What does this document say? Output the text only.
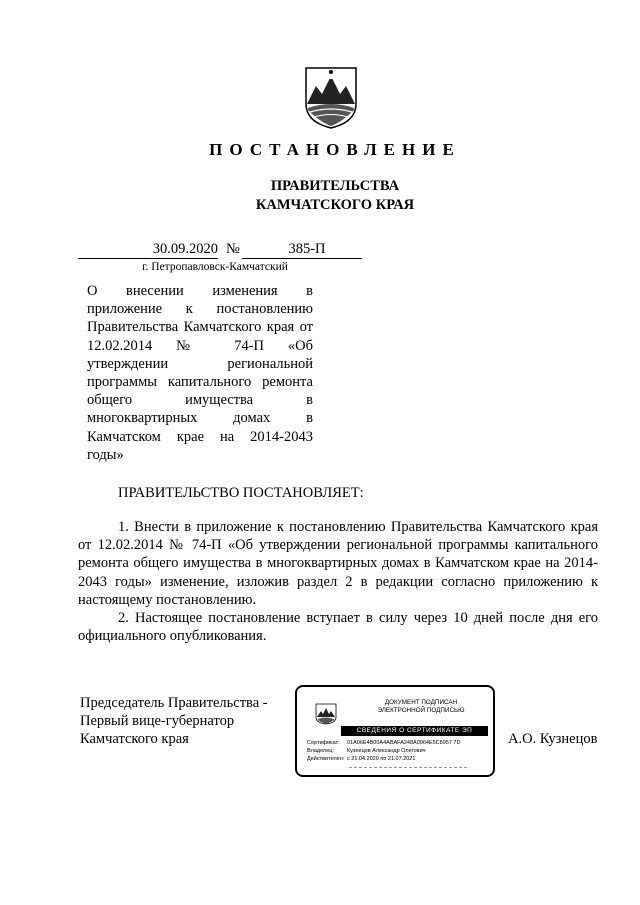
ПОСТАНОВЛЕНИЕ
ПРАВИТЕЛЬСТВА
КАМЧАТСКОГО КРАЯ
30.09.2020 №	385-П
г. Петропавловск-Камчатский
О внесении изменения в приложение к постановлению Правительства Камчатского края от 12.02.2014 № 74-П «Об утверждении региональной программы капитального ремонта общего имущества в многоквартирных домах в Камчатском крае на 2014-2043 годы»
ПРАВИТЕЛЬСТВО ПОСТАНОВЛЯЕТ:

1. Внести в приложение к постановлению Правительства Камчатского края от 12.02.2014 № 74-П «Об утверждении региональной программы капитального ремонта общего имущества в многоквартирных домах в Камчатском крае на 2014-2043 годы» изменение, изложив раздел 2 в редакции согласно приложению к настоящему постановлению.

2. Настоящее постановление вступает в силу через 10 дней после дня его официального опубликования.

Председатель Правительства -
Первый вице-губернатор
Камчатского края
ДОКУМЕНТ ПОДПИСАН
ЭЛЕКТРОННОЙ ПОДПИСЬЮ
СВЕДЕНИЯ О СЕРТИФИКАТЕ ЭП
Сертификат:	01A06E4B00A4ABAFA248A0964E5C8957 7D
Владелец:	Кузнецов Александр Олегович
Действителен: с 21.04.2020 по 21.07.2021
А.О. Кузнецов
